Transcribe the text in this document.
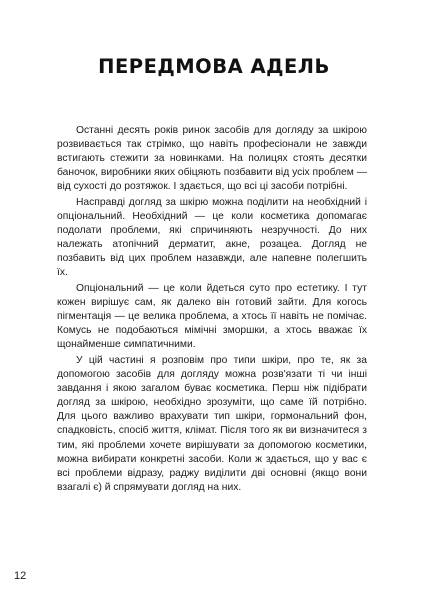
ПЕРЕДМОВА АДЕЛЬ

Останні десять років ринок засобів для догляду за шкірою розвивається так стрімко, що навіть професіонали не завжди встигають стежити за новинками. На полицях стоять десятки баночок, виробники яких обіцяють позбавити від усіх проблем — від сухості до розтяжок. І здається, що всі ці засоби потрібні.

Насправді догляд за шкірю можна поділити на необхідний і опціональний. Необхідний — це коли косметика допомагає подолати проблеми, які спричиняють незручності. До них належать атопічний дерматит, акне, розацеа. Догляд не позбавить від цих проблем назавжди, але напевне полегшить їх.

Опціональний — це коли йдеться суто про естетику. І тут кожен вирішує сам, як далеко він готовий зайти. Для когось пігментація — це велика проблема, а хтось її навіть не помічає. Комусь не подобаються мімічні зморшки, а хтось вважає їх щонайменше симпатичними.

У цій частині я розповім про типи шкіри, про те, як за допомогою засобів для догляду можна розв'язати ті чи інші завдання і якою загалом буває косметика. Перш ніж підібрати догляд за шкірою, необхідно зрозуміти, що саме їй потрібно. Для цього важливо врахувати тип шкіри, гормональний фон, спадковість, спосіб життя, клімат. Після того як ви визначитеся з тим, які проблеми хочете вирішувати за допомогою косметики, можна вибирати конкретні засоби. Коли ж здається, що у вас є всі проблеми відразу, раджу виділити дві основні (якщо вони взагалі є) й спрямувати догляд на них.

12
